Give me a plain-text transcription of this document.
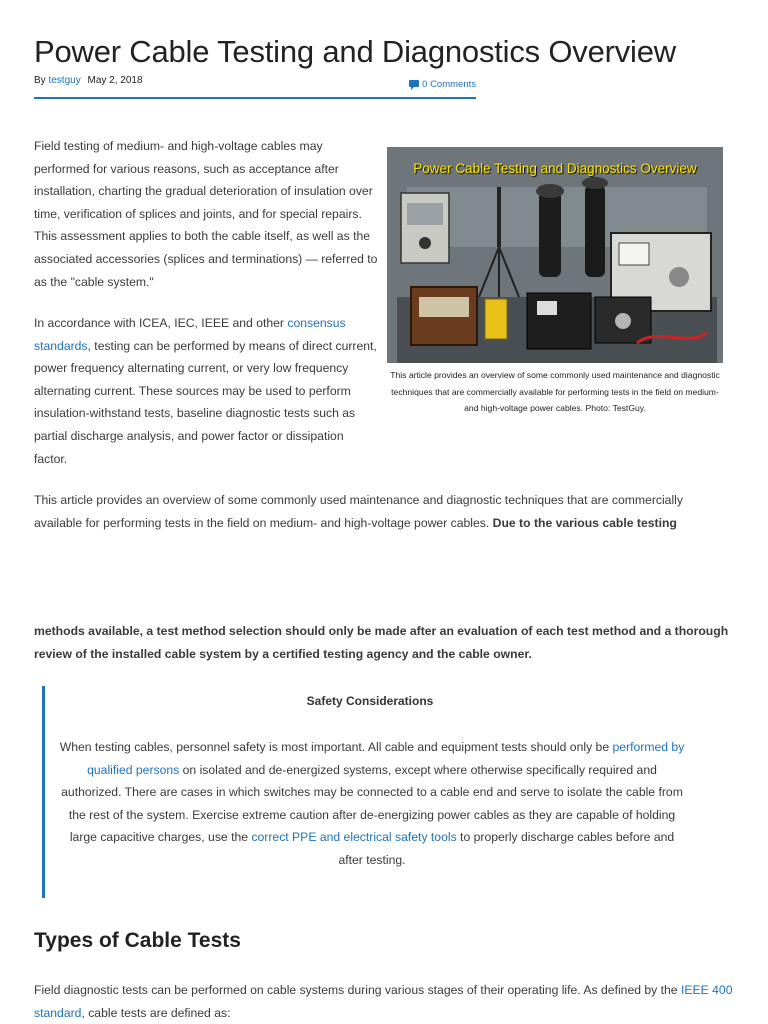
Power Cable Testing and Diagnostics Overview
By testguy May 2, 2018	0 Comments

Field testing of medium- and high-voltage cables may performed for various reasons, such as acceptance after installation, charting the gradual deterioration of insulation over time, verification of splices and joints, and for special repairs. This assessment applies to both the cable itself, as well as the associated accessories (splices and terminations) — referred to as the "cable system."

In accordance with ICEA, IEC, IEEE and other consensus standards, testing can be performed by means of direct current, power frequency alternating current, or very low frequency alternating current. These sources may be used to perform insulation-withstand tests, baseline diagnostic tests such as partial discharge analysis, and power factor or dissipation factor.

Power Cable Testing and Diagnostics Overview
This article provides an overview of some commonly used maintenance and diagnostic techniques that are commercially available for performing tests in the field on medium- and high-voltage power cables. Photo: TestGuy.

This article provides an overview of some commonly used maintenance and diagnostic techniques that are commercially available for performing tests in the field on medium- and high-voltage power cables. Due to the various cable testing

methods available, a test method selection should only be made after an evaluation of each test method and a thorough review of the installed cable system by a certified testing agency and the cable owner.

Safety Considerations

When testing cables, personnel safety is most important. All cable and equipment tests should only be performed by qualified persons on isolated and de-energized systems, except where otherwise specifically required and authorized. There are cases in which switches may be connected to a cable end and serve to isolate the cable from the rest of the system. Exercise extreme caution after de-energizing power cables as they are capable of holding large capacitive charges, use the correct PPE and electrical safety tools to properly discharge cables before and after testing.

Types of Cable Tests

Field diagnostic tests can be performed on cable systems during various stages of their operating life. As defined by the IEEE 400 standard, cable tests are defined as:
